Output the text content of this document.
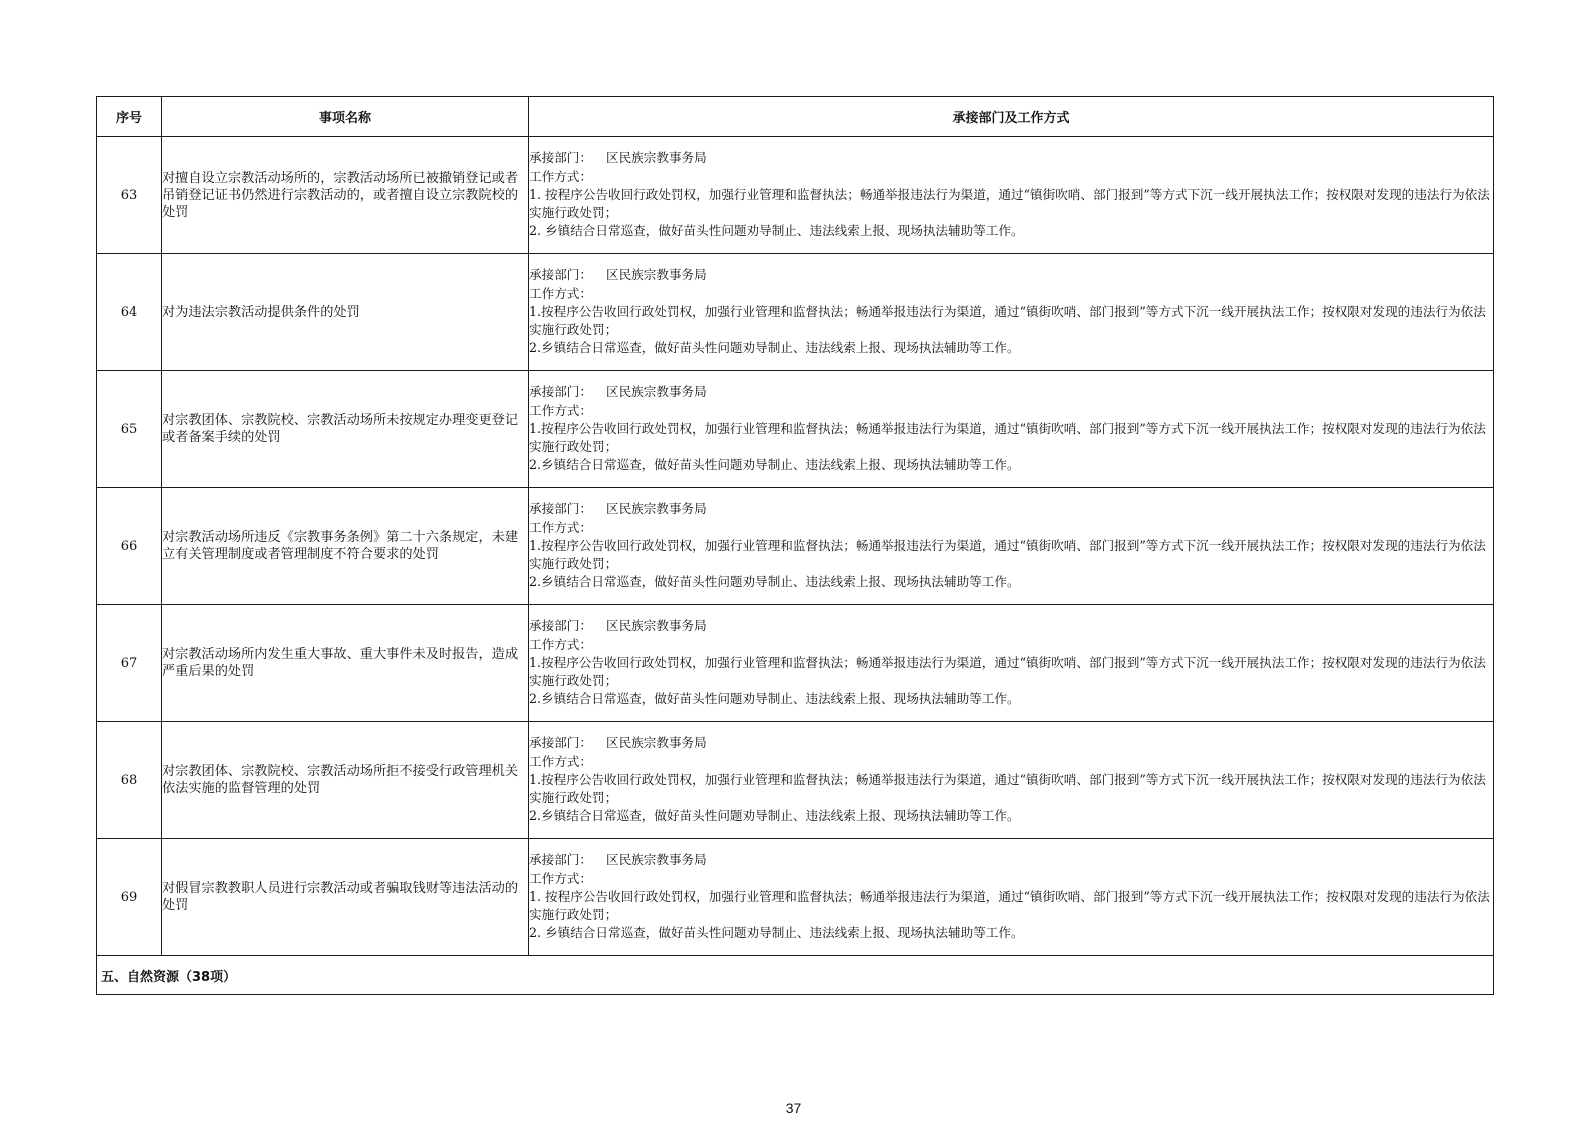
序号	事项名称	承接部门及工作方式
63	对擅自设立宗教活动场所的，宗教活动场所已被撤销登记或者吊销登记证书仍然进行宗教活动的，或者擅自设立宗教院校的处罚	承接部门： 区民族宗教事务局
工作方式：
1. 按程序公告收回行政处罚权，加强行业管理和监督执法；畅通举报违法行为渠道，通过“镇街吹哨、部门报到”等方式下沉一线开展执法工作；按权限对发现的违法行为依法实施行政处罚；
2. 乡镇结合日常巡查，做好苗头性问题劝导制止、违法线索上报、现场执法辅助等工作。

64	对为违法宗教活动提供条件的处罚	承接部门： 区民族宗教事务局
工作方式：
1.按程序公告收回行政处罚权，加强行业管理和监督执法；畅通举报违法行为渠道，通过“镇街吹哨、部门报到”等方式下沉一线开展执法工作；按权限对发现的违法行为依法实施行政处罚；
2.乡镇结合日常巡查，做好苗头性问题劝导制止、违法线索上报、现场执法辅助等工作。

65	对宗教团体、宗教院校、宗教活动场所未按规定办理变更登记或者备案手续的处罚	承接部门： 区民族宗教事务局
工作方式：
1.按程序公告收回行政处罚权，加强行业管理和监督执法；畅通举报违法行为渠道，通过“镇街吹哨、部门报到”等方式下沉一线开展执法工作；按权限对发现的违法行为依法实施行政处罚；
2.乡镇结合日常巡查，做好苗头性问题劝导制止、违法线索上报、现场执法辅助等工作。

66	对宗教活动场所违反《宗教事务条例》第二十六条规定，未建立有关管理制度或者管理制度不符合要求的处罚	承接部门： 区民族宗教事务局
工作方式：
1.按程序公告收回行政处罚权，加强行业管理和监督执法；畅通举报违法行为渠道，通过“镇街吹哨、部门报到”等方式下沉一线开展执法工作；按权限对发现的违法行为依法实施行政处罚；
2.乡镇结合日常巡查，做好苗头性问题劝导制止、违法线索上报、现场执法辅助等工作。

67	对宗教活动场所内发生重大事故、重大事件未及时报告，造成严重后果的处罚	承接部门： 区民族宗教事务局
工作方式：
1.按程序公告收回行政处罚权，加强行业管理和监督执法；畅通举报违法行为渠道，通过“镇街吹哨、部门报到”等方式下沉一线开展执法工作；按权限对发现的违法行为依法实施行政处罚；
2.乡镇结合日常巡查，做好苗头性问题劝导制止、违法线索上报、现场执法辅助等工作。

68	对宗教团体、宗教院校、宗教活动场所拒不接受行政管理机关依法实施的监督管理的处罚	承接部门： 区民族宗教事务局
工作方式：
1.按程序公告收回行政处罚权，加强行业管理和监督执法；畅通举报违法行为渠道，通过“镇街吹哨、部门报到”等方式下沉一线开展执法工作；按权限对发现的违法行为依法实施行政处罚；
2.乡镇结合日常巡查，做好苗头性问题劝导制止、违法线索上报、现场执法辅助等工作。

69	对假冒宗教教职人员进行宗教活动或者骗取钱财等违法活动的处罚	承接部门： 区民族宗教事务局
工作方式：
1. 按程序公告收回行政处罚权，加强行业管理和监督执法；畅通举报违法行为渠道，通过“镇街吹哨、部门报到”等方式下沉一线开展执法工作；按权限对发现的违法行为依法实施行政处罚；
2. 乡镇结合日常巡查，做好苗头性问题劝导制止、违法线索上报、现场执法辅助等工作。

五、自然资源（38项）		
37
